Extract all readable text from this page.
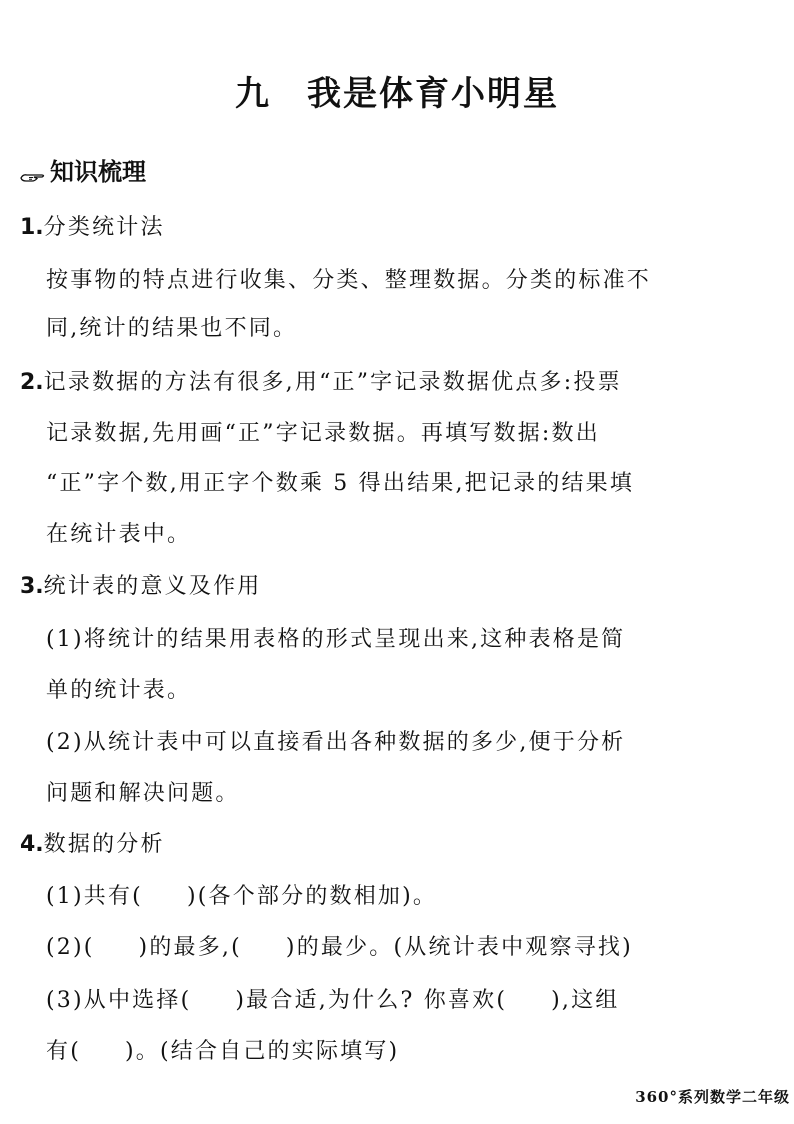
九 我是体育小明星
知识梳理
1.分类统计法
按事物的特点进行收集、分类、整理数据。分类的标准不
同,统计的结果也不同。
2.记录数据的方法有很多,用“正”字记录数据优点多:投票
记录数据,先用画“正”字记录数据。再填写数据:数出
“正”字个数,用正字个数乘 5 得出结果,把记录的结果填
在统计表中。
3.统计表的意义及作用
(1)将统计的结果用表格的形式呈现出来,这种表格是简
单的统计表。
(2)从统计表中可以直接看出各种数据的多少,便于分析
问题和解决问题。
4.数据的分析
(1)共有( )(各个部分的数相加)。
(2)( )的最多,( )的最少。(从统计表中观察寻找)
(3)从中选择( )最合适,为什么? 你喜欢( ),这组
有( )。(结合自己的实际填写)
360°系列数学二年级
